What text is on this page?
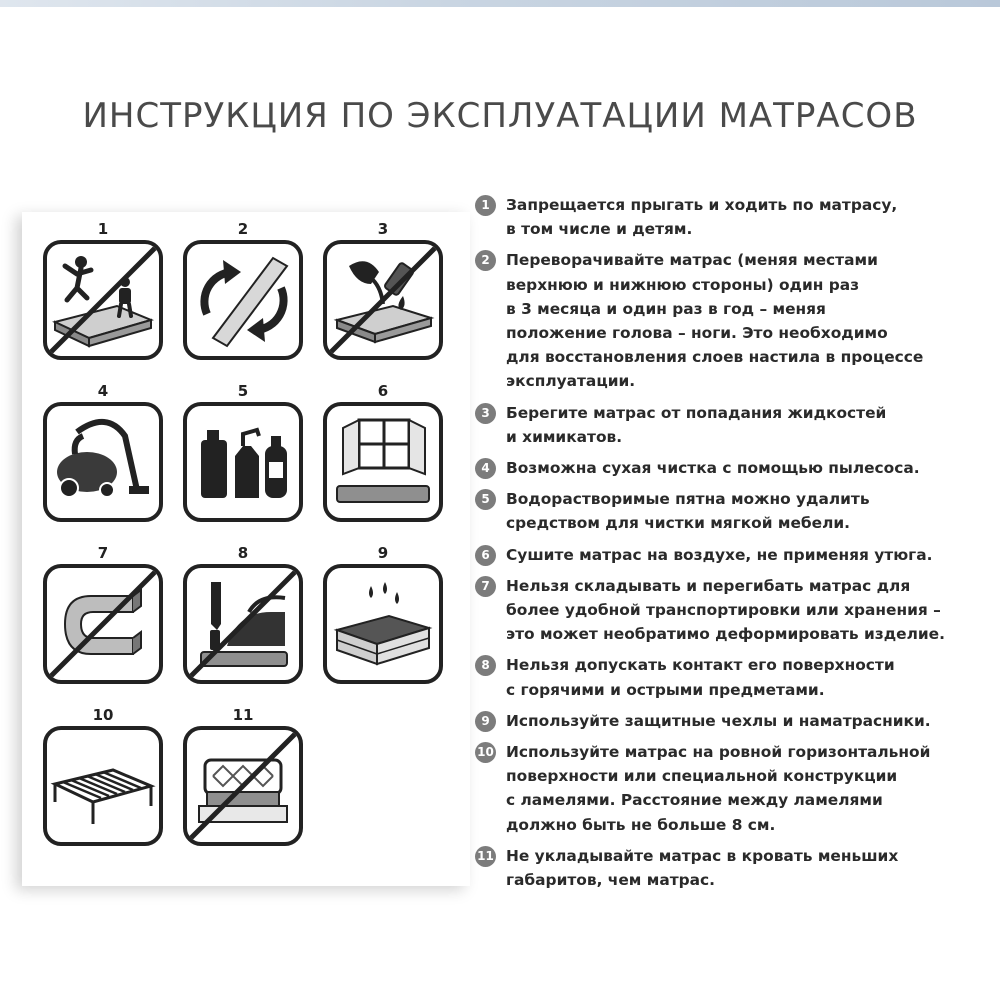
ИНСТРУКЦИЯ ПО ЭКСПЛУАТАЦИИ МАТРАСОВ
1	2	3
4	5	6
7	8	9
10	11
1	Запрещается прыгать и ходить по матрасу,
в том числе и детям.
2	Переворачивайте матрас (меняя местами
верхнюю и нижнюю стороны) один раз
в 3 месяца и один раз в год – меняя
положение голова – ноги. Это необходимо
для восстановления слоев настила в процессе
эксплуатации.
3	Берегите матрас от попадания жидкостей
и химикатов.
4	Возможна сухая чистка с помощью пылесоса.
5	Водорастворимые пятна можно удалить
средством для чистки мягкой мебели.
6	Сушите матрас на воздухе, не применяя утюга.
7	Нельзя складывать и перегибать матрас для
более удобной транспортировки или хранения –
это может необратимо деформировать изделие.
8	Нельзя допускать контакт его поверхности
с горячими и острыми предметами.
9	Используйте защитные чехлы и наматрасники.
10 Используйте матрас на ровной горизонтальной
поверхности или специальной конструкции
с ламелями. Расстояние между ламелями
должно быть не больше 8 см.
11 Не укладывайте матрас в кровать меньших
габаритов, чем матрас.
